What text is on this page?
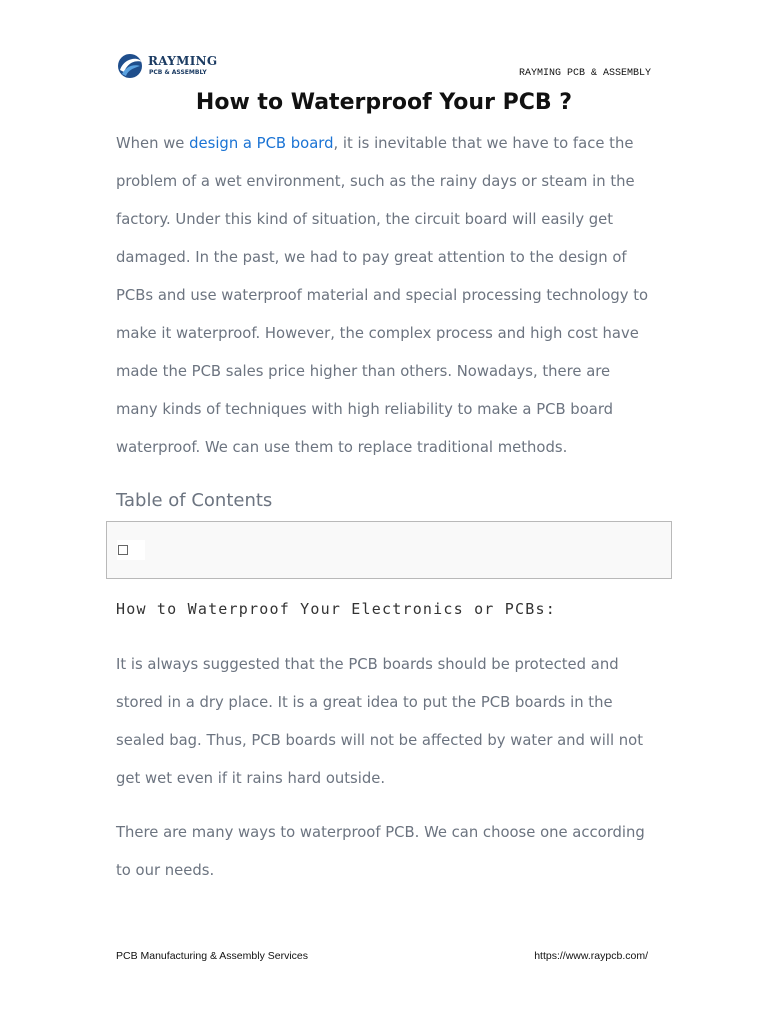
RAYMING
PCB & ASSEMBLY	RAYMING PCB & ASSEMBLY
How to Waterproof Your PCB ?

When we design a PCB board, it is inevitable that we have to face the problem of a wet environment, such as the rainy days or steam in the factory. Under this kind of situation, the circuit board will easily get damaged. In the past, we had to pay great attention to the design of PCBs and use waterproof material and special processing technology to make it waterproof. However, the complex process and high cost have made the PCB sales price higher than others. Nowadays, there are many kinds of techniques with high reliability to make a PCB board waterproof. We can use them to replace traditional methods.

Table of Contents
How to Waterproof Your Electronics or PCBs:

It is always suggested that the PCB boards should be protected and stored in a dry place. It is a great idea to put the PCB boards in the sealed bag. Thus, PCB boards will not be affected by water and will not get wet even if it rains hard outside.

There are many ways to waterproof PCB. We can choose one according to our needs.

PCB Manufacturing & Assembly Services	https://www.raypcb.com/
